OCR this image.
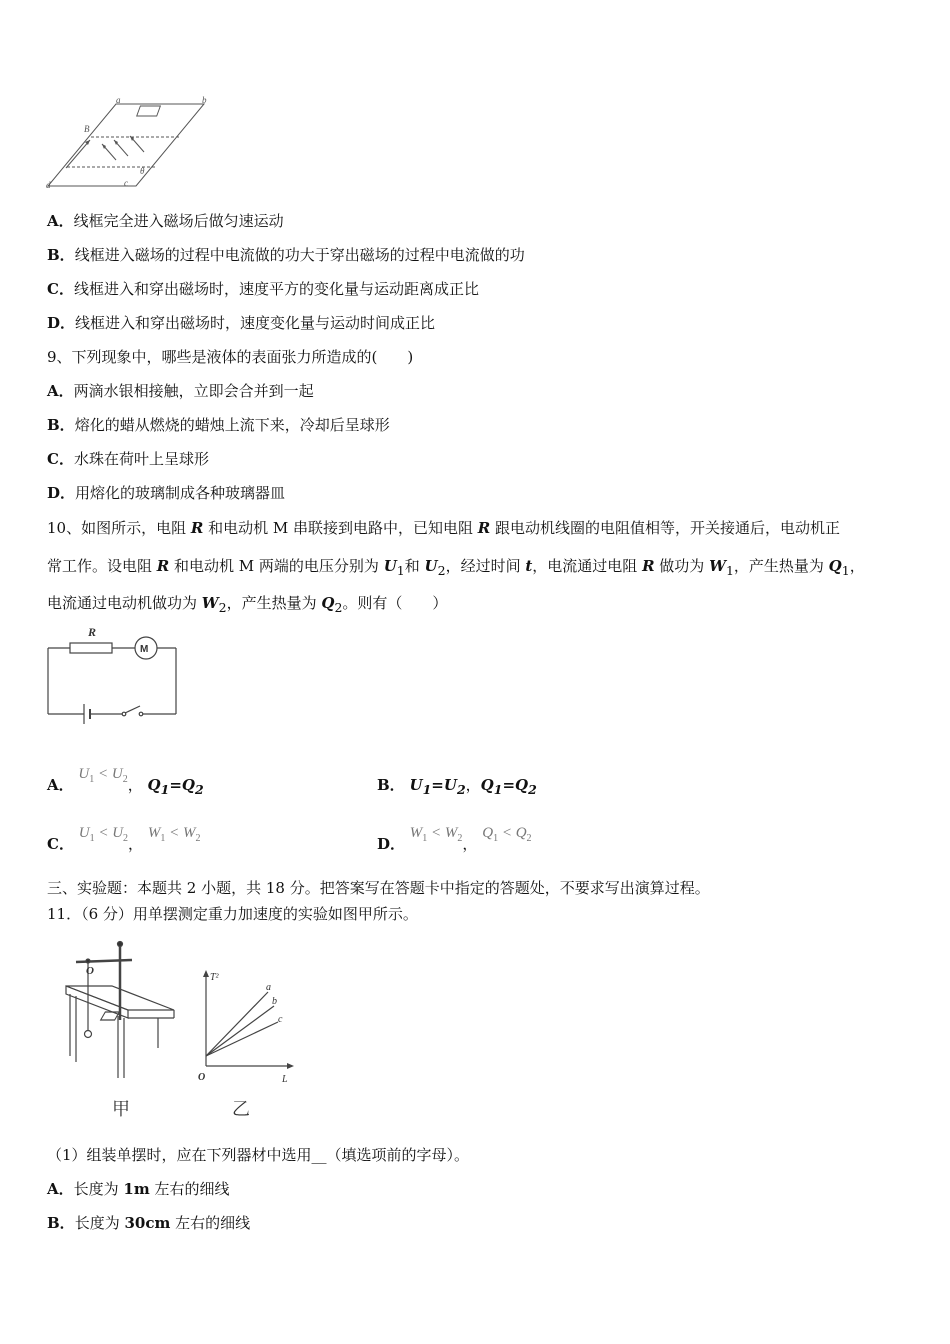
a	b
c
d
B
θ
A．线框完全进入磁场后做匀速运动
B．线框进入磁场的过程中电流做的功大于穿出磁场的过程中电流做的功
C．线框进入和穿出磁场时，速度平方的变化量与运动距离成正比
D．线框进入和穿出磁场时，速度变化量与运动时间成正比
9、下列现象中，哪些是液体的表面张力所造成的(　　)
A．两滴水银相接触，立即会合并到一起
B．熔化的蜡从燃烧的蜡烛上流下来，冷却后呈球形
C．水珠在荷叶上呈球形
D．用熔化的玻璃制成各种玻璃器皿
10、如图所示，电阻 R 和电动机 M 串联接到电路中，已知电阻 R 跟电动机线圈的电阻值相等，开关接通后，电动机正
常工作。设电阻 R 和电动机 M 两端的电压分别为 $U_1$和 $U_2$，经过时间 t，电流通过电阻 R 做功为 $W_1$，产生热量为 $Q_1$，
电流通过电动机做功为 $W_2$，产生热量为 $Q_2$。则有（　　）
R
M
A． $U_1 < U_2$， $Q_1=Q_2$	B． $U_1=U_2$，$Q_1=Q_2$
C． $U_1 < U_2$， $W_1 < W_2$	D． $W_1 < W_2$， $Q_1 < Q_2$
三、实验题：本题共 2 小题，共 18 分。把答案写在答题卡中指定的答题处，不要求写出演算过程。
11．（6 分）用单摆测定重力加速度的实验如图甲所示。
O
甲
T²
a
b
c
O	L
乙
（1）组装单摆时，应在下列器材中选用__（填选项前的字母）。
A．长度为 1m 左右的细线
B．长度为 30cm 左右的细线
